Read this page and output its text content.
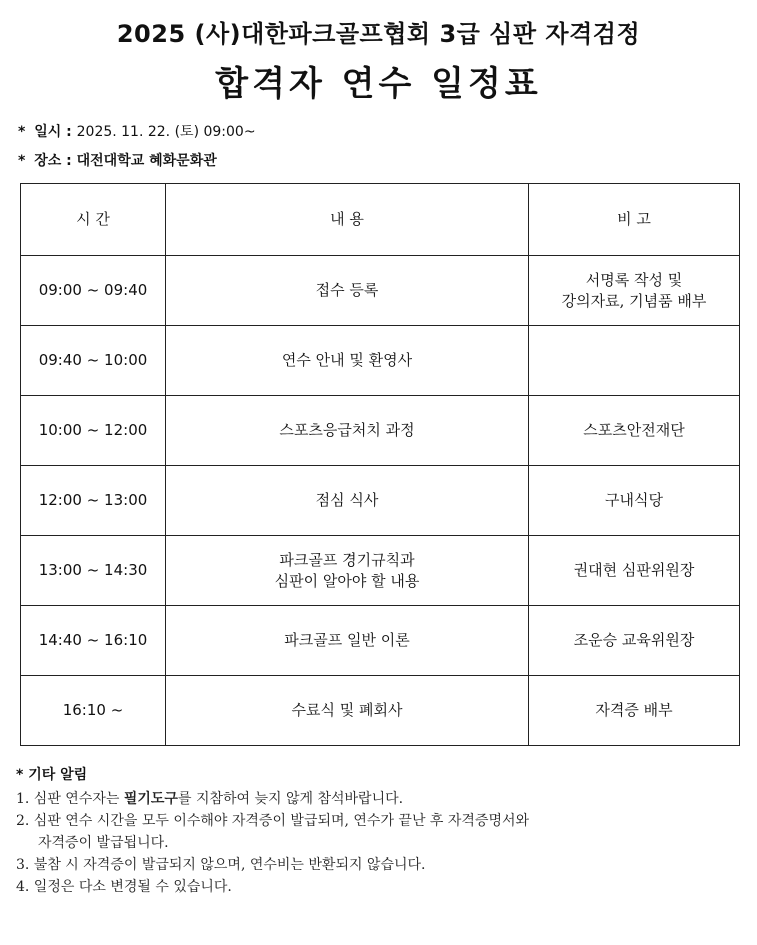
2025 (사)대한파크골프협회 3급 심판 자격검정
합격자 연수 일정표
* 일시 : 2025. 11. 22. (토) 09:00~
* 장소 : 대전대학교 혜화문화관
시 간	내 용	비 고
09:00 ~ 09:40	접수 등록	서명록 작성 및
강의자료, 기념품 배부

09:40 ~ 10:00	연수 안내 및 환영사	

10:00 ~ 12:00	스포츠응급처치 과정	스포츠안전재단

12:00 ~ 13:00	점심 식사	구내식당

13:00 ~ 14:30	파크골프 경기규칙과
심판이 알아야 할 내용	권대현 심판위원장

14:40 ~ 16:10	파크골프 일반 이론	조운승 교육위원장

16:10 ~	수료식 및 폐회사	자격증 배부
* 기타 알림
1. 심판 연수자는 필기도구를 지참하여 늦지 않게 참석바랍니다.
2. 심판 연수 시간을 모두 이수해야 자격증이 발급되며, 연수가 끝난 후 자격증명서와
자격증이 발급됩니다.
3. 불참 시 자격증이 발급되지 않으며, 연수비는 반환되지 않습니다.
4. 일정은 다소 변경될 수 있습니다.
